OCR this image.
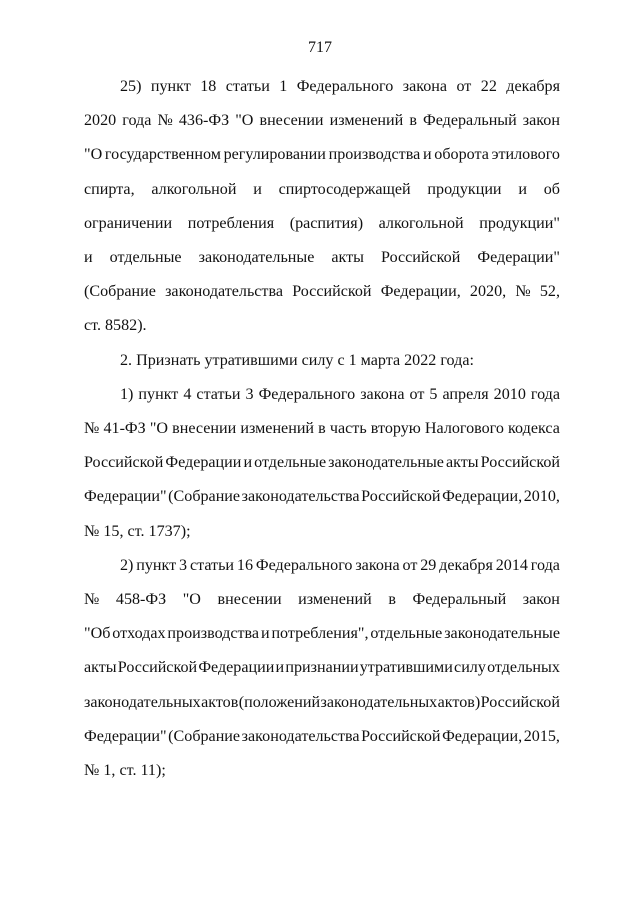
717
25) пункт 18 статьи 1 Федерального закона от 22 декабря
2020 года № 436-ФЗ "О внесении изменений в Федеральный закон
"О государственном регулировании производства и оборота этилового
спирта, алкогольной и спиртосодержащей продукции и об
ограничении потребления (распития) алкогольной продукции"
и отдельные законодательные акты Российской Федерации"
(Собрание законодательства Российской Федерации, 2020, № 52,
ст. 8582).
2. Признать утратившими силу с 1 марта 2022 года:
1) пункт 4 статьи 3 Федерального закона от 5 апреля 2010 года
№ 41-ФЗ "О внесении изменений в часть вторую Налогового кодекса
Российской Федерации и отдельные законодательные акты Российской
Федерации" (Собрание законодательства Российской Федерации, 2010,
№ 15, ст. 1737);
2) пункт 3 статьи 16 Федерального закона от 29 декабря 2014 года
№ 458-ФЗ "О внесении изменений в Федеральный закон
"Об отходах производства и потребления", отдельные законодательные
акты Российской Федерации и признании утратившими силу отдельных
законодательных актов (положений законодательных актов) Российской
Федерации" (Собрание законодательства Российской Федерации, 2015,
№ 1, ст. 11);
